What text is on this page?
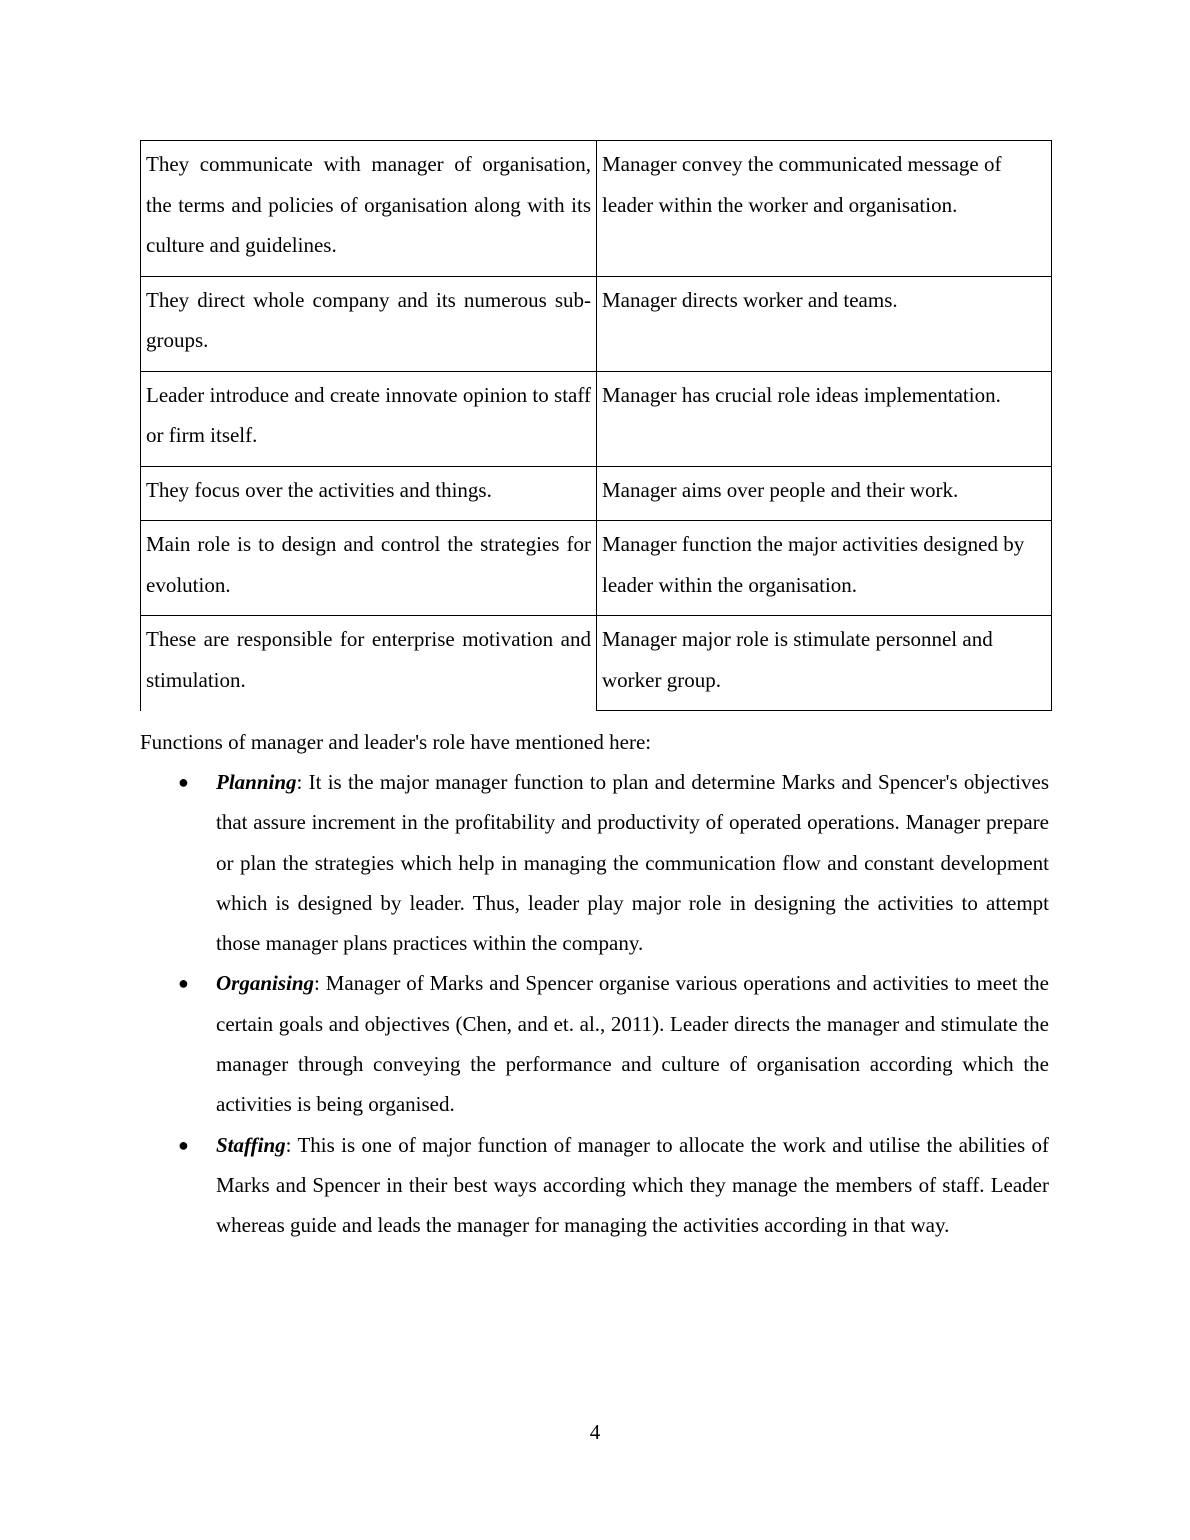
They communicate with manager of organisation, the terms and policies of organisation along with its culture and guidelines.	Manager convey the communicated message of leader within the worker and organisation.
They direct whole company and its numerous sub-groups.	Manager directs worker and teams.
Leader introduce and create innovate opinion to staff or firm itself.	Manager has crucial role ideas implementation.
They focus over the activities and things.	Manager aims over people and their work.
Main role is to design and control the strategies for evolution.	Manager function the major activities designed by leader within the organisation.
These are responsible for enterprise motivation and stimulation.	Manager major role is stimulate personnel and worker group.

Functions of manager and leader's role have mentioned here:

● Planning: It is the major manager function to plan and determine Marks and Spencer's objectives that assure increment in the profitability and productivity of operated operations. Manager prepare or plan the strategies which help in managing the communication flow and constant development which is designed by leader. Thus, leader play major role in designing the activities to attempt those manager plans practices within the company.
● Organising: Manager of Marks and Spencer organise various operations and activities to meet the certain goals and objectives (Chen, and et. al., 2011). Leader directs the manager and stimulate the manager through conveying the performance and culture of organisation according which the activities is being organised.
● Staffing: This is one of major function of manager to allocate the work and utilise the abilities of Marks and Spencer in their best ways according which they manage the members of staff. Leader whereas guide and leads the manager for managing the activities according in that way.
4
